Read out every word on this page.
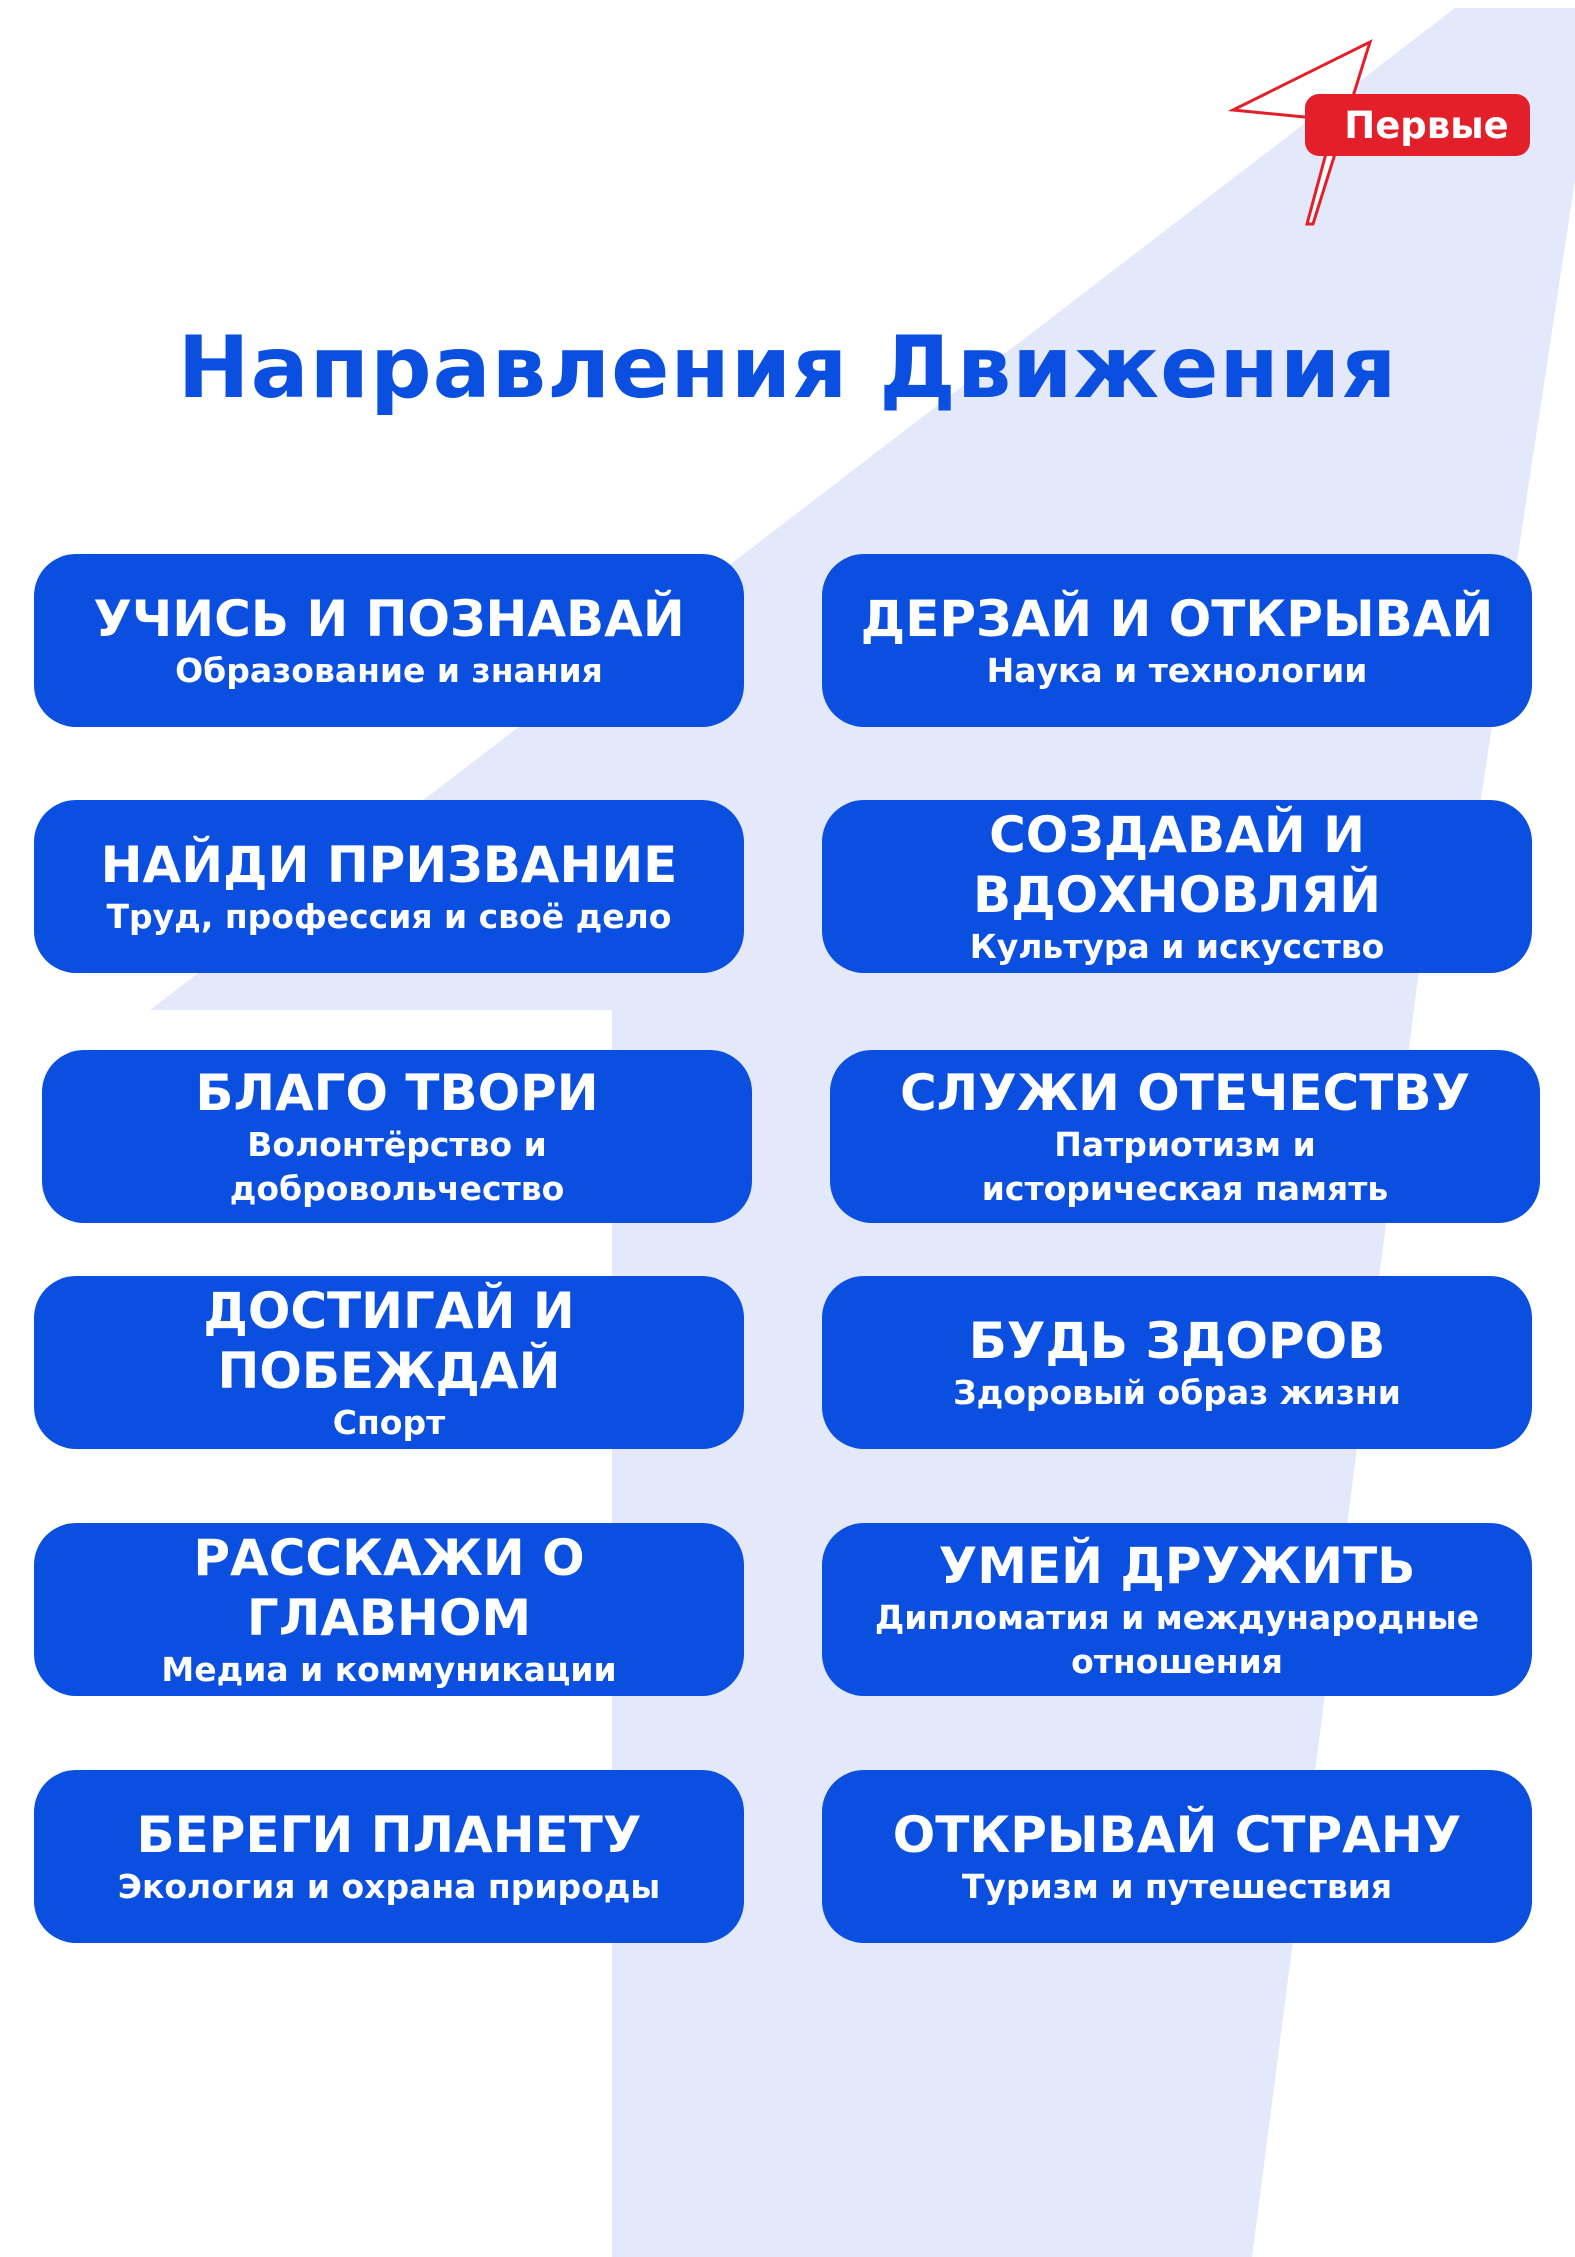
Первые
Направления Движения
УЧИСЬ И ПОЗНАВАЙ
Образование и знания
ДЕРЗАЙ И ОТКРЫВАЙ
Наука и технологии
НАЙДИ ПРИЗВАНИЕ
Труд, профессия и своё дело
СОЗДАВАЙ И ВДОХНОВЛЯЙ
Культура и искусство
БЛАГО ТВОРИ
Волонтёрство и добровольчество
СЛУЖИ ОТЕЧЕСТВУ
Патриотизм и историческая память
ДОСТИГАЙ И ПОБЕЖДАЙ
Спорт
БУДЬ ЗДОРОВ
Здоровый образ жизни
РАССКАЖИ О ГЛАВНОМ
Медиа и коммуникации
УМЕЙ ДРУЖИТЬ
Дипломатия и международные отношения
БЕРЕГИ ПЛАНЕТУ
Экология и охрана природы
ОТКРЫВАЙ СТРАНУ
Туризм и путешествия
